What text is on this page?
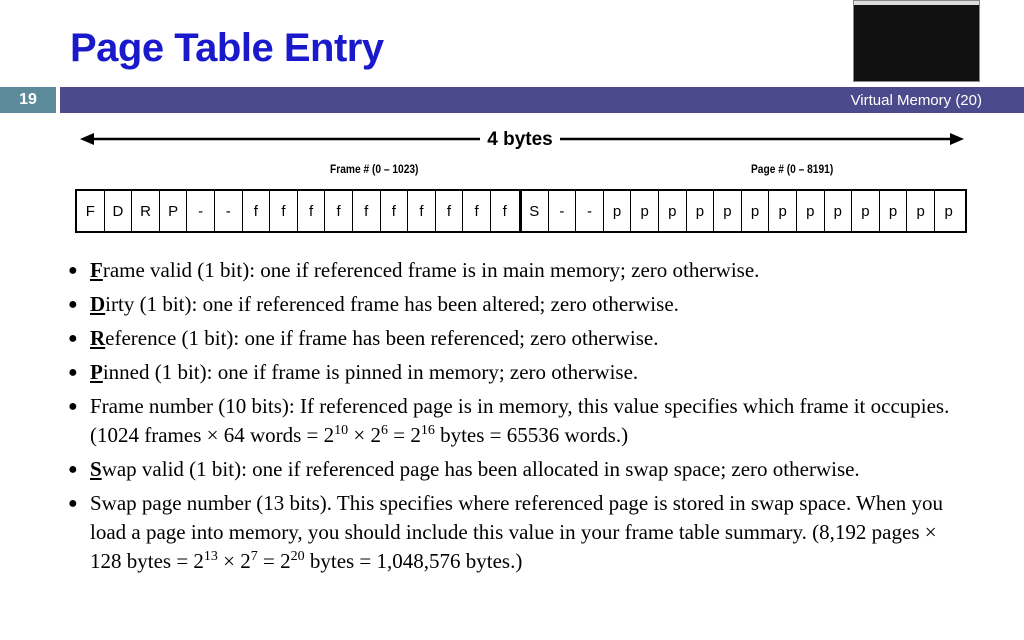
Page Table Entry
19	Virtual Memory (20)
4 bytes
Frame # (0 – 1023)	Page # (0 – 8191)
F	D	R	P	-	-	f	f	f	f	f	f	f	f	f	f	S	-	-	p	p	p	p	p	p	p	p	p	p	p	p	p
● Frame valid (1 bit): one if referenced frame is in main memory; zero otherwise.
● Dirty (1 bit): one if referenced frame has been altered; zero otherwise.
● Reference (1 bit): one if frame has been referenced; zero otherwise.
● Pinned (1 bit): one if frame is pinned in memory; zero otherwise.
● Frame number (10 bits): If referenced page is in memory, this value specifies which frame it occupies. (1024 frames × 64 words = $2^{10} \times 2^6 = 2^{16}$ bytes = 65536 words.)
● Swap valid (1 bit): one if referenced page has been allocated in swap space; zero otherwise.
● Swap page number (13 bits). This specifies where referenced page is stored in swap space. When you load a page into memory, you should include this value in your frame table summary. (8,192 pages × 128 bytes = $2^{13} \times 2^7 = 2^{20}$ bytes = 1,048,576 bytes.)
